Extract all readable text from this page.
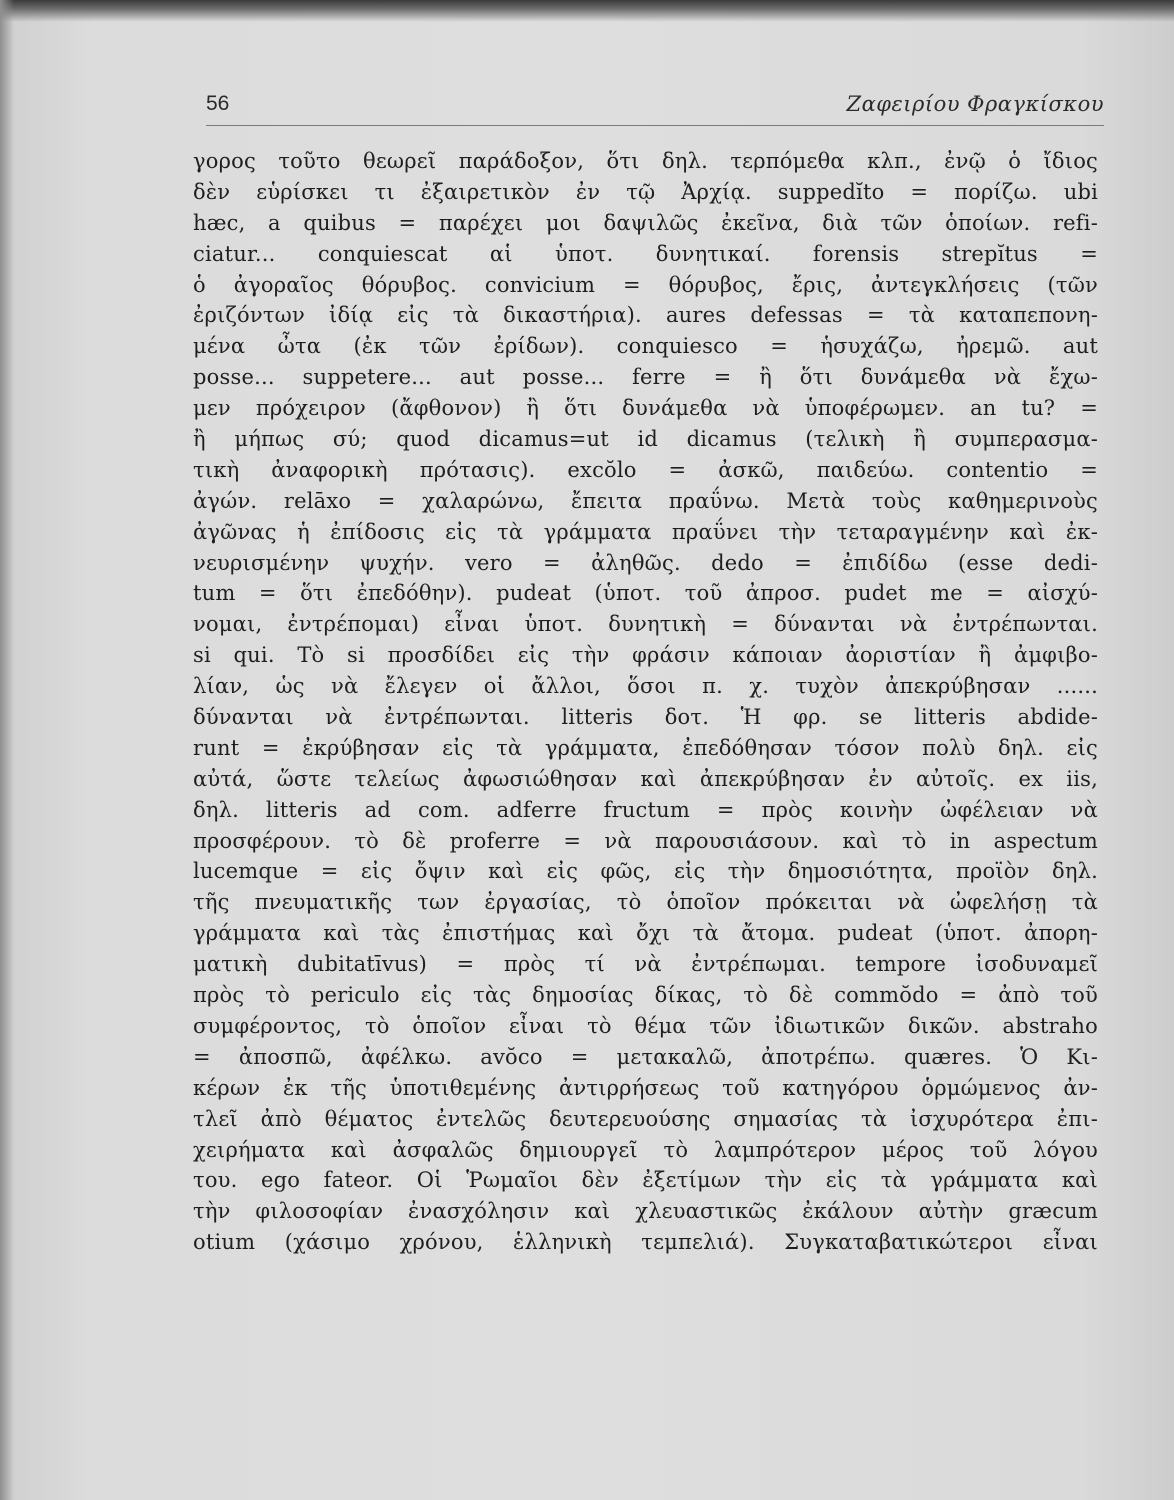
56	Ζαφειρίου Φραγκίσκου
γορος τοῦτο θεωρεῖ παράδοξον, ὅτι δηλ. τερπόμεθα κλπ., ἐνῷ ὁ ἴδιος
δὲν εὑρίσκει τι ἐξαιρετικὸν ἐν τῷ Ἀρχίᾳ. suppedĭto = πορίζω. ubi
hæc, a quibus = παρέχει μοι δαψιλῶς ἐκεῖνα, διὰ τῶν ὁποίων. refi-
ciatur... conquiescat αἱ ὑποτ. δυνητικαί. forensis strepĭtus =
ὁ ἀγοραῖος θόρυβος. convicium = θόρυβος, ἔρις, ἀντεγκλήσεις (τῶν
ἐριζόντων ἰδίᾳ εἰς τὰ δικαστήρια). aures defessas = τὰ καταπεπονη-
μένα ὦτα (ἐκ τῶν ἐρίδων). conquiesco = ἡσυχάζω, ἠρεμῶ. aut
posse... suppetere... aut posse... ferre = ἢ ὅτι δυνάμεθα νὰ ἔχω-
μεν πρόχειρον (ἄφθονον) ἢ ὅτι δυνάμεθα νὰ ὑποφέρωμεν. an tu? =
ἢ μήπως σύ; quod dicamus=ut id dicamus (τελικὴ ἢ συμπερασμα-
τικὴ ἀναφορικὴ πρότασις). excŏlo = ἀσκῶ, παιδεύω. contentio =
ἀγών. relāxo = χαλαρώνω, ἔπειτα πραΰνω. Μετὰ τοὺς καθημερινοὺς
ἀγῶνας ἡ ἐπίδοσις εἰς τὰ γράμματα πραΰνει τὴν τεταραγμένην καὶ ἐκ-
νευρισμένην ψυχήν. vero = ἀληθῶς. dedo = ἐπιδίδω (esse dedi-
tum = ὅτι ἐπεδόθην). pudeat (ὑποτ. τοῦ ἀπροσ. pudet me = αἰσχύ-
νομαι, ἐντρέπομαι) εἶναι ὑποτ. δυνητικὴ = δύνανται νὰ ἐντρέπωνται.
si qui. Τὸ si προσδίδει εἰς τὴν φράσιν κάποιαν ἀοριστίαν ἢ ἀμφιβο-
λίαν, ὡς νὰ ἔλεγεν οἱ ἄλλοι, ὅσοι π. χ. τυχὸν ἀπεκρύβησαν ......
δύνανται νὰ ἐντρέπωνται. litteris δοτ. Ἡ φρ. se litteris abdide-
runt = ἐκρύβησαν εἰς τὰ γράμματα, ἐπεδόθησαν τόσον πολὺ δηλ. εἰς
αὐτά, ὥστε τελείως ἀφωσιώθησαν καὶ ἀπεκρύβησαν ἐν αὐτοῖς. ex iis,
δηλ. litteris ad com. adferre fructum = πρὸς κοινὴν ὠφέλειαν νὰ
προσφέρουν. τὸ δὲ proferre = νὰ παρουσιάσουν. καὶ τὸ in aspectum
lucemque = εἰς ὄψιν καὶ εἰς φῶς, εἰς τὴν δημοσιότητα, προϊὸν δηλ.
τῆς πνευματικῆς των ἐργασίας, τὸ ὁποῖον πρόκειται νὰ ὠφελήσῃ τὰ
γράμματα καὶ τὰς ἐπιστήμας καὶ ὄχι τὰ ἄτομα. pudeat (ὑποτ. ἀπορη-
ματικὴ dubitatīvus) = πρὸς τί νὰ ἐντρέπωμαι. tempore ἰσοδυναμεῖ
πρὸς τὸ periculo εἰς τὰς δημοσίας δίκας, τὸ δὲ commŏdo = ἀπὸ τοῦ
συμφέροντος, τὸ ὁποῖον εἶναι τὸ θέμα τῶν ἰδιωτικῶν δικῶν. abstraho
= ἀποσπῶ, ἀφέλκω. avŏco = μετακαλῶ, ἀποτρέπω. quæres. Ὁ Κι-
κέρων ἐκ τῆς ὑποτιθεμένης ἀντιρρήσεως τοῦ κατηγόρου ὁρμώμενος ἀν-
τλεῖ ἀπὸ θέματος ἐντελῶς δευτερευούσης σημασίας τὰ ἰσχυρότερα ἐπι-
χειρήματα καὶ ἀσφαλῶς δημιουργεῖ τὸ λαμπρότερον μέρος τοῦ λόγου
του. ego fateor. Οἱ Ῥωμαῖοι δὲν ἐξετίμων τὴν εἰς τὰ γράμματα καὶ
τὴν φιλοσοφίαν ἐνασχόλησιν καὶ χλευαστικῶς ἐκάλουν αὐτὴν græcum
otium (χάσιμο χρόνου, ἑλληνικὴ τεμπελιά). Συγκαταβατικώτεροι εἶναι
